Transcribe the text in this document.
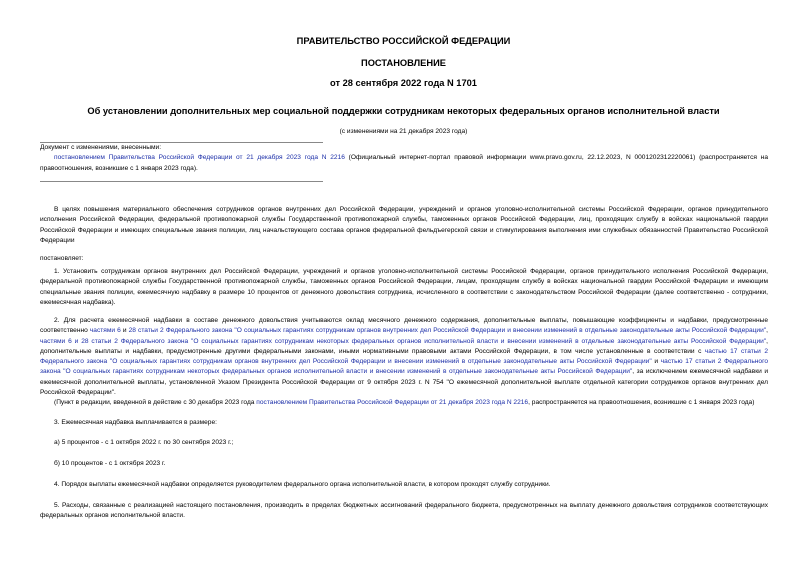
ПРАВИТЕЛЬСТВО РОССИЙСКОЙ ФЕДЕРАЦИИ
ПОСТАНОВЛЕНИЕ
от 28 сентября 2022 года N 1701
Об установлении дополнительных мер социальной поддержки сотрудникам некоторых федеральных органов исполнительной власти
(с изменениями на 21 декабря 2023 года)

Документ с изменениями, внесенными:

постановлением Правительства Российской Федерации от 21 декабря 2023 года N 2216 (Официальный интернет-портал правовой информации www.pravo.gov.ru, 22.12.2023, N 0001202312220061) (распространяется на правоотношения, возникшие с 1 января 2023 года).

В целях повышения материального обеспечения сотрудников органов внутренних дел Российской Федерации, учреждений и органов уголовно-исполнительной системы Российской Федерации, органов принудительного исполнения Российской Федерации, федеральной противопожарной службы Государственной противопожарной службы, таможенных органов Российской Федерации, лиц, проходящих службу в войсках национальной гвардии Российской Федерации и имеющих специальные звания полиции, лиц начальствующего состава органов федеральной фельдъегерской связи и стимулирования выполнения ими служебных обязанностей Правительство Российской Федерации
постановляет:
1. Установить сотрудникам органов внутренних дел Российской Федерации, учреждений и органов уголовно-исполнительной системы Российской Федерации, органов принудительного исполнения Российской Федерации, федеральной противопожарной службы Государственной противопожарной службы, таможенных органов Российской Федерации, лицам, проходящим службу в войсках национальной гвардии Российской Федерации и имеющим специальные звания полиции, ежемесячную надбавку в размере 10 процентов от денежного довольствия сотрудника, исчисленного в соответствии с законодательством Российской Федерации (далее соответственно - сотрудники, ежемесячная надбавка).

2. Для расчета ежемесячной надбавки в составе денежного довольствия учитываются оклад месячного денежного содержания, дополнительные выплаты, повышающие коэффициенты и надбавки, предусмотренные соответственно частями 6 и 28 статьи 2 Федерального закона "О социальных гарантиях сотрудникам органов внутренних дел Российской Федерации и внесении изменений в отдельные законодательные акты Российской Федерации", частями 6 и 28 статьи 2 Федерального закона "О социальных гарантиях сотрудникам некоторых федеральных органов исполнительной власти и внесении изменений в отдельные законодательные акты Российской Федерации", дополнительные выплаты и надбавки, предусмотренные другими федеральными законами, иными нормативными правовыми актами Российской Федерации, в том числе установленные в соответствии с частью 17 статьи 2 Федерального закона "О социальных гарантиях сотрудникам органов внутренних дел Российской Федерации и внесении изменений в отдельные законодательные акты Российской Федерации" и частью 17 статьи 2 Федерального закона "О социальных гарантиях сотрудникам некоторых федеральных органов исполнительной власти и внесении изменений в отдельные законодательные акты Российской Федерации", за исключением ежемесячной надбавки и ежемесячной дополнительной выплаты, установленной Указом Президента Российской Федерации от 9 октября 2023 г. N 754 "О ежемесячной дополнительной выплате отдельной категории сотрудников органов внутренних дел Российской Федерации".

(Пункт в редакции, введенной в действие с 30 декабря 2023 года постановлением Правительства Российской Федерации от 21 декабря 2023 года N 2216, распространяется на правоотношения, возникшие с 1 января 2023 года)

3. Ежемесячная надбавка выплачивается в размере:
а) 5 процентов - с 1 октября 2022 г. по 30 сентября 2023 г.;
б) 10 процентов - с 1 октября 2023 г.
4. Порядок выплаты ежемесячной надбавки определяется руководителем федерального органа исполнительной власти, в котором проходят службу сотрудники.
5. Расходы, связанные с реализацией настоящего постановления, производить в пределах бюджетных ассигнований федерального бюджета, предусмотренных на выплату денежного довольствия сотрудников соответствующих федеральных органов исполнительной власти.
